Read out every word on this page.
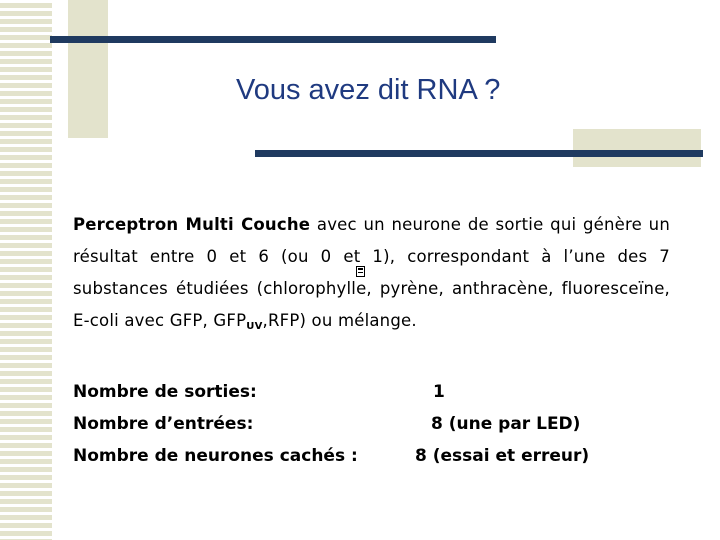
Vous avez dit RNA ?
Perceptron Multi Couche avec un neurone de sortie qui génère un résultat entre 0 et 6 (ou 0 et 1), correspondant à l’une des 7 substances étudiées (chlorophylle, pyrène, anthracène, fluoresceïne, E-coli avec GFP, $GFP_{UV},RFP$) ou mélange.
Nombre de sorties:	1
Nombre d’entrées:	8 (une par LED)
Nombre de neurones cachés :	8 (essai et erreur)
